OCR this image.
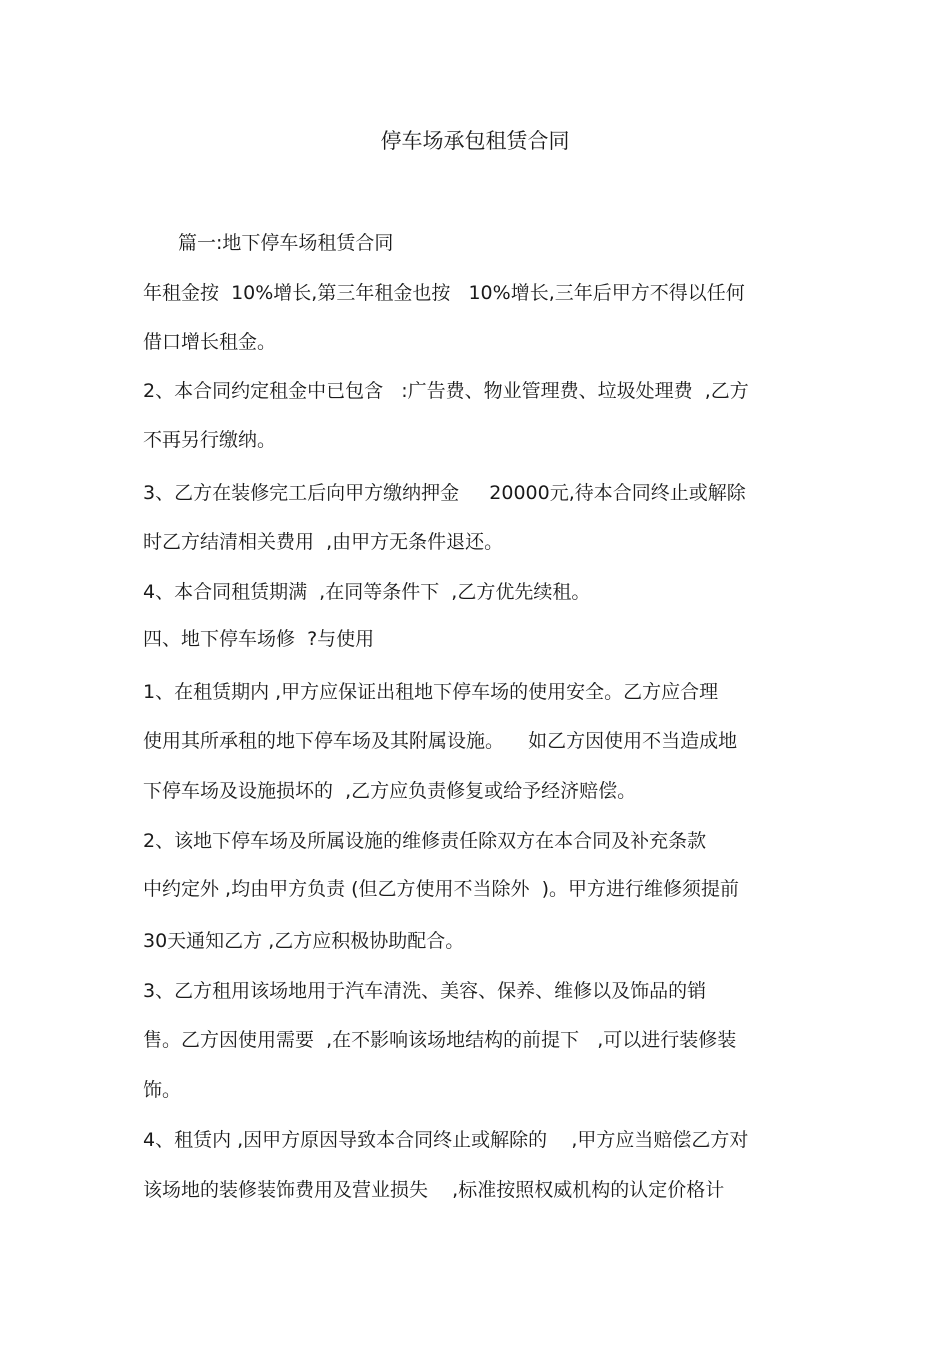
停车场承包租赁合同

篇一:地下停车场租赁合同

年租金按  10%增长,第三年租金也按   10%增长,三年后甲方不得以任何

借口增长租金。

2、本合同约定租金中已包含   :广告费、物业管理费、垃圾处理费  ,乙方

不再另行缴纳。

3、乙方在装修完工后向甲方缴纳押金     20000元,待本合同终止或解除

时乙方结清相关费用  ,由甲方无条件退还。

4、本合同租赁期满  ,在同等条件下  ,乙方优先续租。

四、地下停车场修  ?与使用

1、在租赁期内 ,甲方应保证出租地下停车场的使用安全。乙方应合理

使用其所承租的地下停车场及其附属设施。    如乙方因使用不当造成地

下停车场及设施损坏的  ,乙方应负责修复或给予经济赔偿。

2、该地下停车场及所属设施的维修责任除双方在本合同及补充条款

中约定外 ,均由甲方负责 (但乙方使用不当除外  )。甲方进行维修须提前

30天通知乙方 ,乙方应积极协助配合。

3、乙方租用该场地用于汽车清洗、美容、保养、维修以及饰品的销

售。乙方因使用需要  ,在不影响该场地结构的前提下   ,可以进行装修装

饰。

4、租赁内 ,因甲方原因导致本合同终止或解除的    ,甲方应当赔偿乙方对

该场地的装修装饰费用及营业损失    ,标准按照权威机构的认定价格计
